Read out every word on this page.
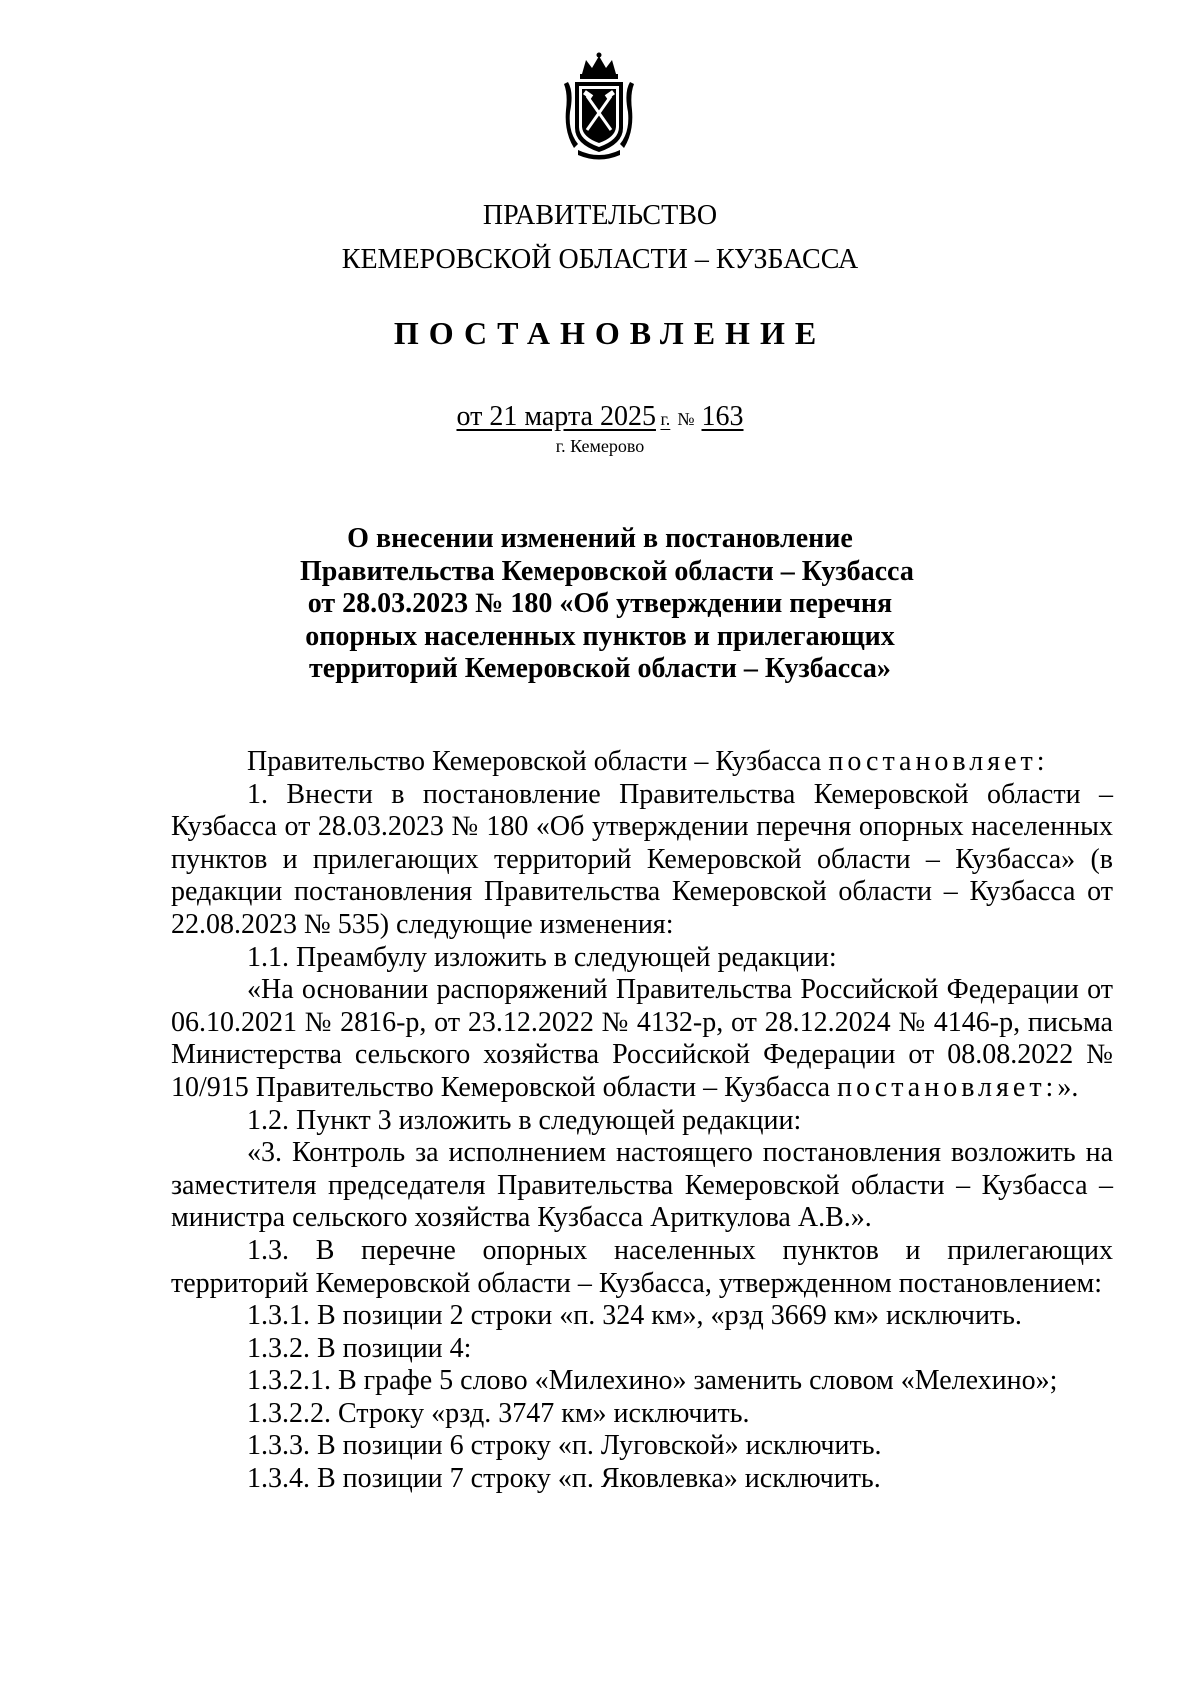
ПРАВИТЕЛЬСТВО
КЕМЕРОВСКОЙ ОБЛАСТИ – КУЗБАССА
ПОСТАНОВЛЕНИЕ
от 21 марта 2025 г. № 163
г. Кемерово
О внесении изменений в постановление
Правительства Кемеровской области – Кузбасса
от 28.03.2023 № 180 «Об утверждении перечня
опорных населенных пунктов и прилегающих
территорий Кемеровской области – Кузбасса»

Правительство Кемеровской области – Кузбасса постановляет:

1. Внести в постановление Правительства Кемеровской области – Кузбасса от 28.03.2023 № 180 «Об утверждении перечня опорных населенных пунктов и прилегающих территорий Кемеровской области – Кузбасса» (в редакции постановления Правительства Кемеровской области – Кузбасса от 22.08.2023 № 535) следующие изменения:

1.1. Преамбулу изложить в следующей редакции:

«На основании распоряжений Правительства Российской Федерации от 06.10.2021 № 2816-р, от 23.12.2022 № 4132-р, от 28.12.2024 № 4146-р, письма Министерства сельского хозяйства Российской Федерации от 08.08.2022 № 10/915 Правительство Кемеровской области – Кузбасса постановляет:».

1.2. Пункт 3 изложить в следующей редакции:

«3. Контроль за исполнением настоящего постановления возложить на заместителя председателя Правительства Кемеровской области – Кузбасса – министра сельского хозяйства Кузбасса Ариткулова А.В.».

1.3. В перечне опорных населенных пунктов и прилегающих территорий Кемеровской области – Кузбасса, утвержденном постановлением:

1.3.1. В позиции 2 строки «п. 324 км», «рзд 3669 км» исключить.

1.3.2. В позиции 4:

1.3.2.1. В графе 5 слово «Милехино» заменить словом «Мелехино»;

1.3.2.2. Строку «рзд. 3747 км» исключить.

1.3.3. В позиции 6 строку «п. Луговской» исключить.

1.3.4. В позиции 7 строку «п. Яковлевка» исключить.
